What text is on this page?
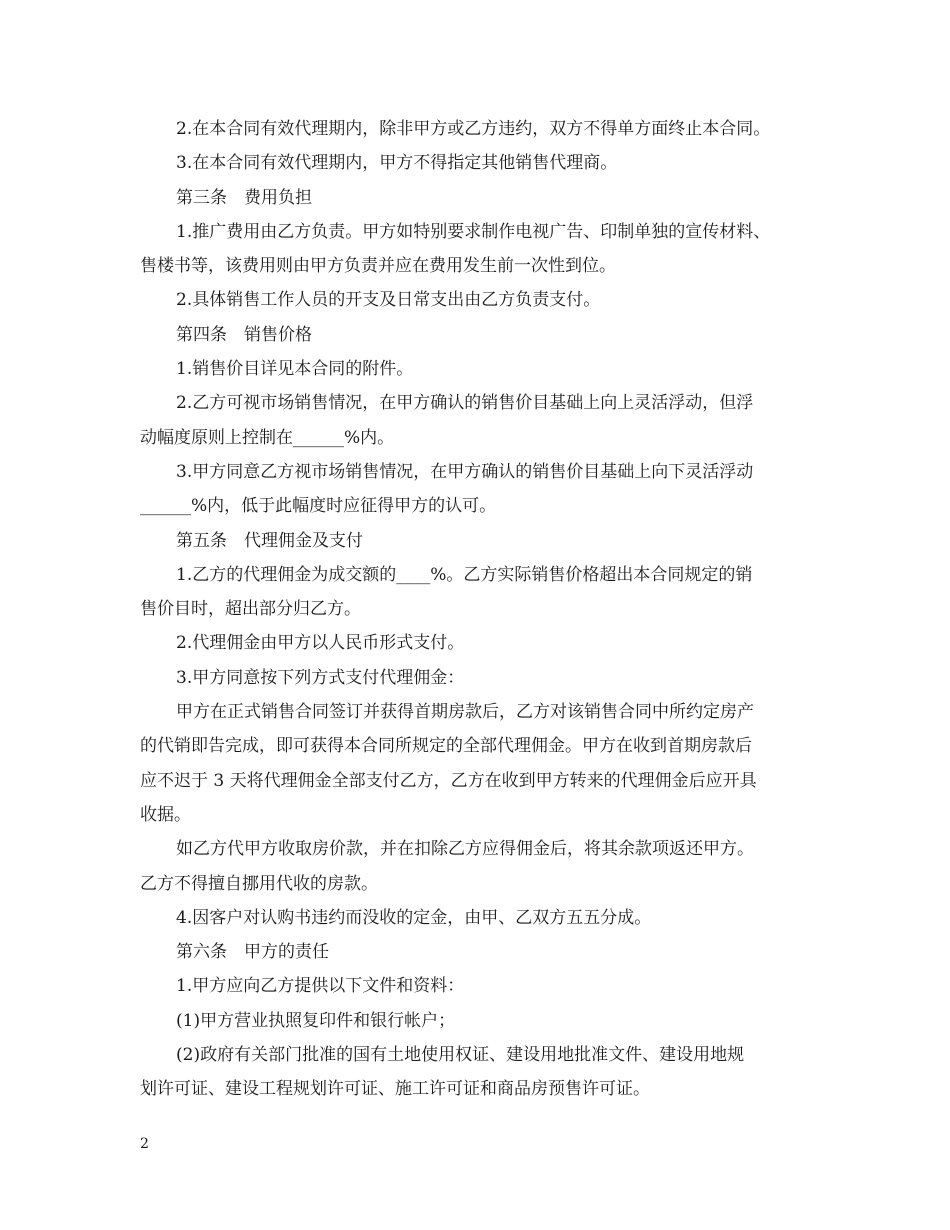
2.在本合同有效代理期内，除非甲方或乙方违约，双方不得单方面终止本合同。
3.在本合同有效代理期内，甲方不得指定其他销售代理商。
第三条　费用负担
1.推广费用由乙方负责。甲方如特别要求制作电视广告、印制单独的宣传材料、
售楼书等，该费用则由甲方负责并应在费用发生前一次性到位。
2.具体销售工作人员的开支及日常支出由乙方负责支付。
第四条　销售价格
1.销售价目详见本合同的附件。
2.乙方可视市场销售情况，在甲方确认的销售价目基础上向上灵活浮动，但浮
动幅度原则上控制在______%内。
3.甲方同意乙方视市场销售情况，在甲方确认的销售价目基础上向下灵活浮动
______%内，低于此幅度时应征得甲方的认可。
第五条　代理佣金及支付
1.乙方的代理佣金为成交额的____%。乙方实际销售价格超出本合同规定的销
售价目时，超出部分归乙方。
2.代理佣金由甲方以人民币形式支付。
3.甲方同意按下列方式支付代理佣金：
甲方在正式销售合同签订并获得首期房款后，乙方对该销售合同中所约定房产
的代销即告完成，即可获得本合同所规定的全部代理佣金。甲方在收到首期房款后
应不迟于 3 天将代理佣金全部支付乙方，乙方在收到甲方转来的代理佣金后应开具
收据。
如乙方代甲方收取房价款，并在扣除乙方应得佣金后，将其余款项返还甲方。
乙方不得擅自挪用代收的房款。
4.因客户对认购书违约而没收的定金，由甲、乙双方五五分成。
第六条　甲方的责任
1.甲方应向乙方提供以下文件和资料：
(1)甲方营业执照复印件和银行帐户；
(2)政府有关部门批准的国有土地使用权证、建设用地批准文件、建设用地规
划许可证、建设工程规划许可证、施工许可证和商品房预售许可证。
2
